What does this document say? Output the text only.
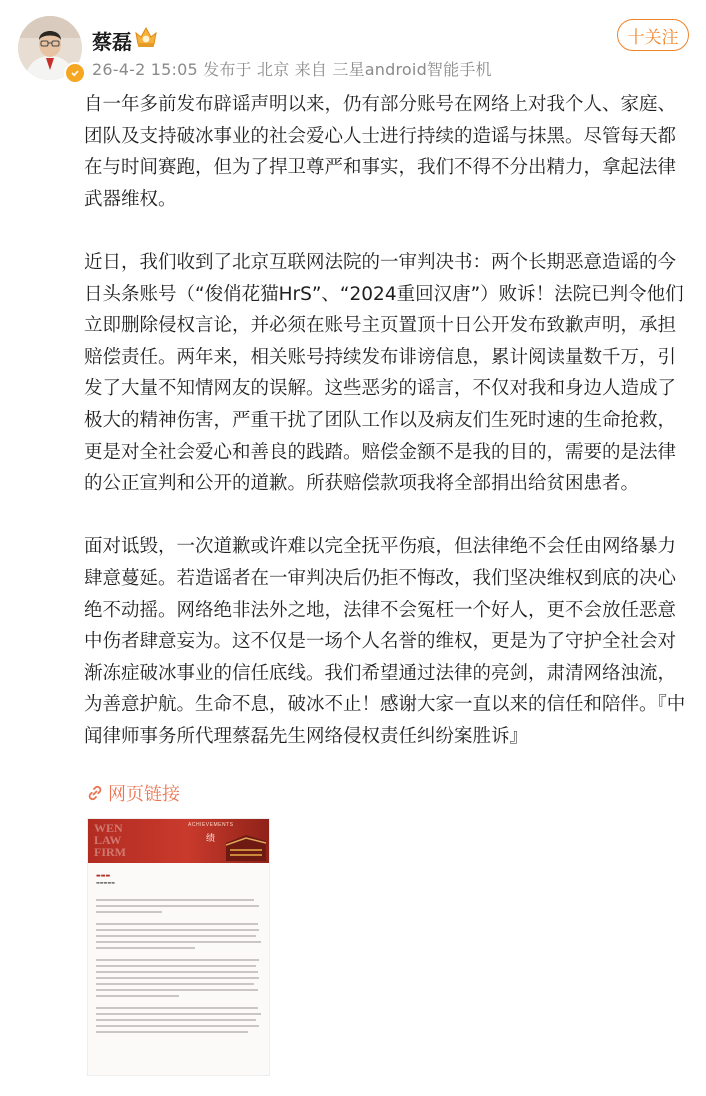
蔡磊
26-4-2 15:05 发布于 北京 来自 三星android智能手机
十关注

自一年多前发布辟谣声明以来，仍有部分账号在网络上对我个人、家庭、团队及支持破冰事业的社会爱心人士进行持续的造谣与抹黑。尽管每天都在与时间赛跑，但为了捍卫尊严和事实，我们不得不分出精力，拿起法律武器维权。

近日，我们收到了北京互联网法院的一审判决书：两个长期恶意造谣的今日头条账号（“俊俏花猫HrS”、“2024重回汉唐”）败诉！法院已判令他们立即删除侵权言论，并必须在账号主页置顶十日公开发布致歉声明，承担赔偿责任。两年来，相关账号持续发布诽谤信息，累计阅读量数千万，引发了大量不知情网友的误解。这些恶劣的谣言，不仅对我和身边人造成了极大的精神伤害，严重干扰了团队工作以及病友们生死时速的生命抢救，更是对全社会爱心和善良的践踏。赔偿金额不是我的目的，需要的是法律的公正宣判和公开的道歉。所获赔偿款项我将全部捐出给贫困患者。

面对诋毁，一次道歉或许难以完全抚平伤痕，但法律绝不会任由网络暴力肆意蔓延。若造谣者在一审判决后仍拒不悔改，我们坚决维权到底的决心绝不动摇。网络绝非法外之地，法律不会冤枉一个好人，更不会放任恶意中伤者肆意妄为。这不仅是一场个人名誉的维权，更是为了守护全社会对渐冻症破冰事业的信任底线。我们希望通过法律的亮剑，肃清网络浊流，为善意护航。生命不息，破冰不止！感谢大家一直以来的信任和陪伴。『中闻律师事务所代理蔡磊先生网络侵权责任纠纷案胜诉』

网页链接
WEN
LAW
FIRM
ACHIEVEMENTS
绩
▬▬▬
▬▬▬▬▬
